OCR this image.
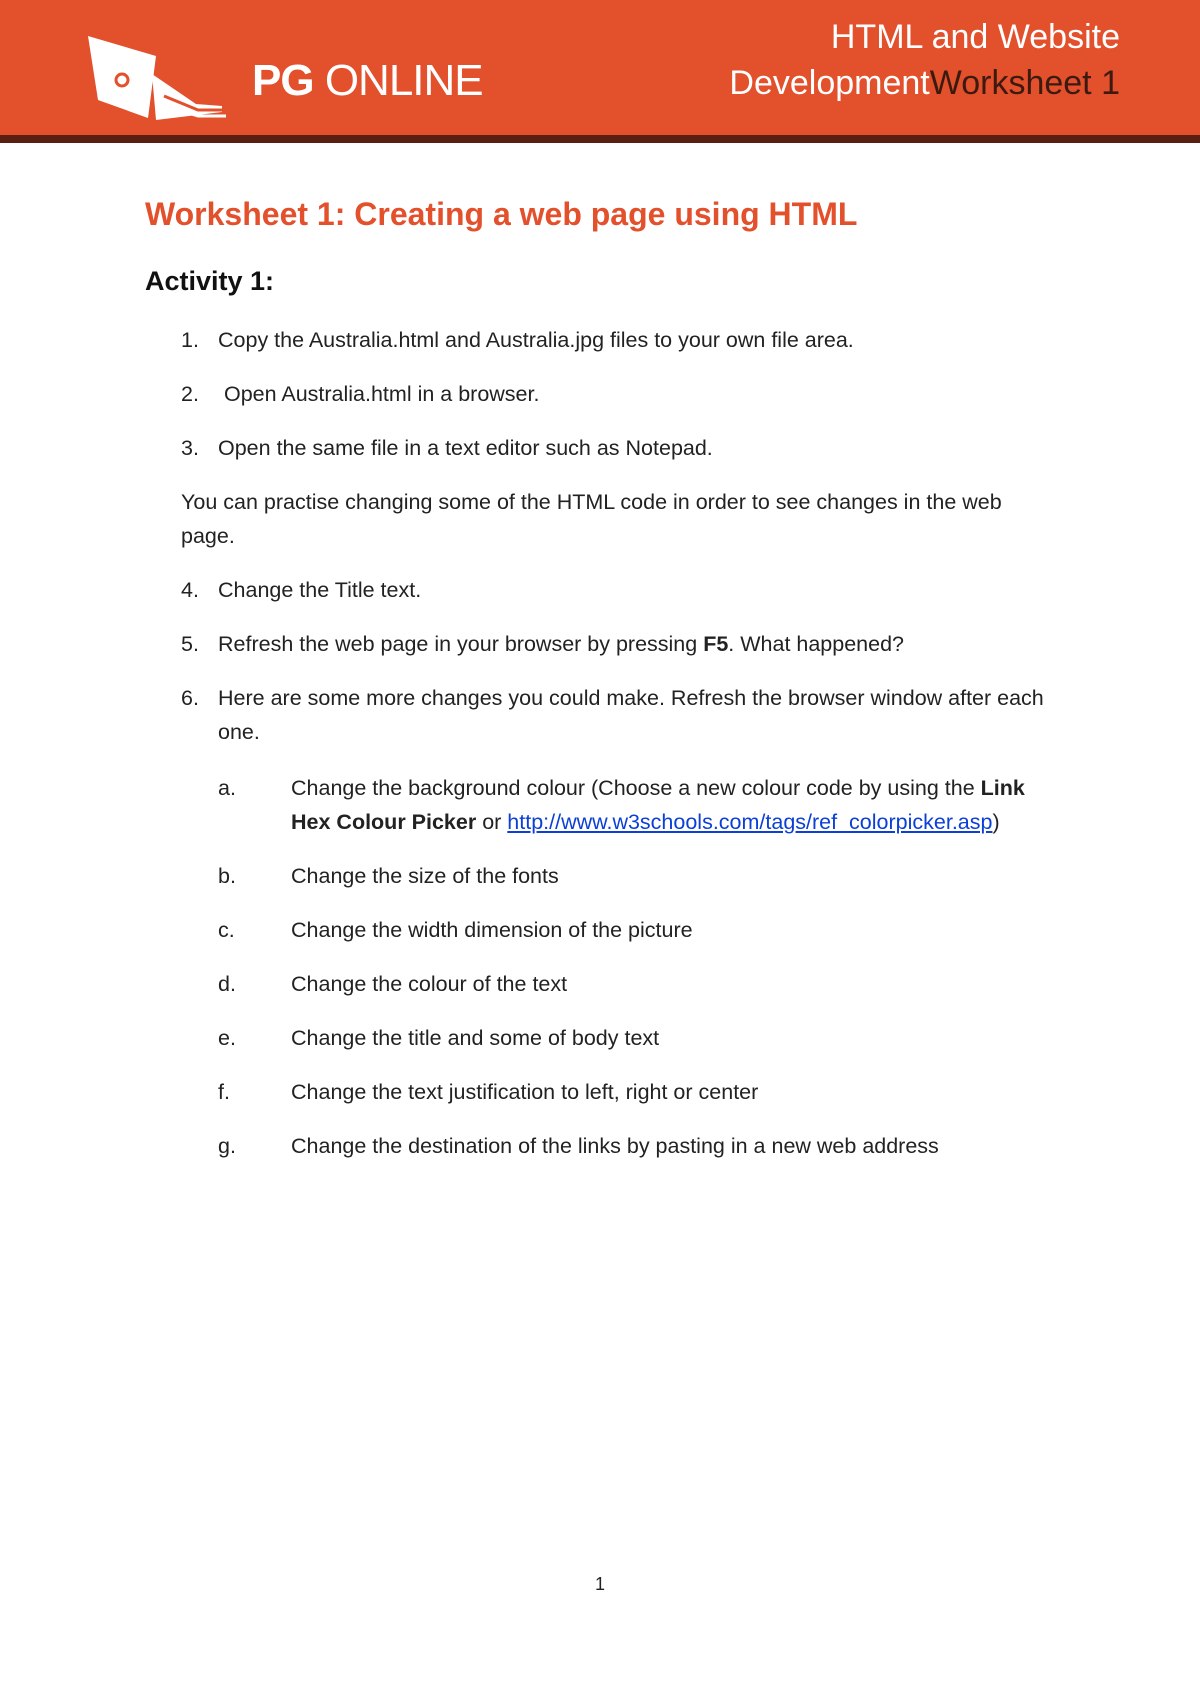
PG ONLINE
HTML and Website
DevelopmentWorksheet 1
Worksheet 1: Creating a web page using HTML
Activity 1:
1. Copy the Australia.html and Australia.jpg files to your own file area.
2. Open Australia.html in a browser.
3. Open the same file in a text editor such as Notepad.

You can practise changing some of the HTML code in order to see changes in the web page.

4. Change the Title text.
5. Refresh the web page in your browser by pressing F5. What happened?
6. Here are some more changes you could make. Refresh the browser window after each one.
a.	Change the background colour (Choose a new colour code by using the Link Hex Colour Picker or http://www.w3schools.com/tags/ref_colorpicker.asp)
b.	Change the size of the fonts
c.	Change the width dimension of the picture
d.	Change the colour of the text
e.	Change the title and some of body text
f.	Change the text justification to left, right or center
g.	Change the destination of the links by pasting in a new web address
1
